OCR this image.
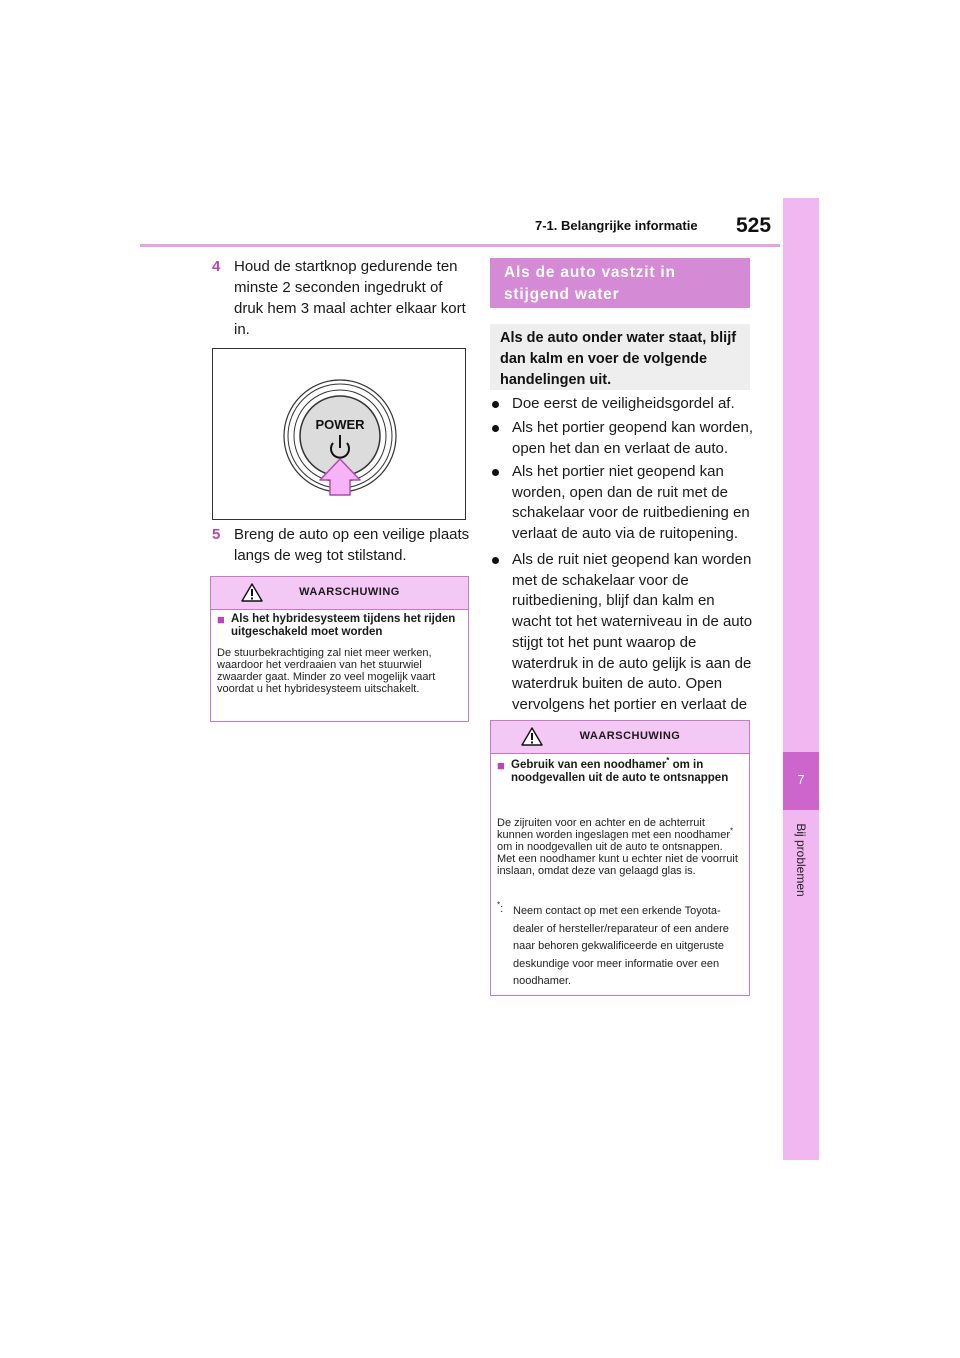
7-1. Belangrijke informatie 525
7
Bij problemen
4 Houd de startknop gedurende ten minste 2 seconden ingedrukt of druk hem 3 maal achter elkaar kort in.
POWER
5 Breng de auto op een veilige plaats langs de weg tot stilstand.
WAARSCHUWING
■ Als het hybridesysteem tijdens het rijden uitgeschakeld moet worden
De stuurbekrachtiging zal niet meer werken, waardoor het verdraaien van het stuurwiel zwaarder gaat. Minder zo veel mogelijk vaart voordat u het hybridesysteem uitschakelt.
Als de auto vastzit in stijgend water
Als de auto onder water staat, blijf dan kalm en voer de volgende handelingen uit.
Doe eerst de veiligheidsgordel af.
Als het portier geopend kan worden, open het dan en verlaat de auto.
Als het portier niet geopend kan worden, open dan de ruit met de schakelaar voor de ruitbediening en verlaat de auto via de ruitopening.
Als de ruit niet geopend kan worden met de schakelaar voor de ruitbediening, blijf dan kalm en wacht tot het waterniveau in de auto stijgt tot het punt waarop de waterdruk in de auto gelijk is aan de waterdruk buiten de auto. Open vervolgens het portier en verlaat de
WAARSCHUWING
■ Gebruik van een noodhamer* om in noodgevallen uit de auto te ontsnappen
De zijruiten voor en achter en de achterruit kunnen worden ingeslagen met een noodhamer* om in noodgevallen uit de auto te ontsnappen. Met een noodhamer kunt u echter niet de voorruit inslaan, omdat deze van gelaagd glas is.
*: Neem contact op met een erkende Toyota-dealer of hersteller/reparateur of een andere naar behoren gekwalificeerde en uitgeruste deskundige voor meer informatie over een noodhamer.
